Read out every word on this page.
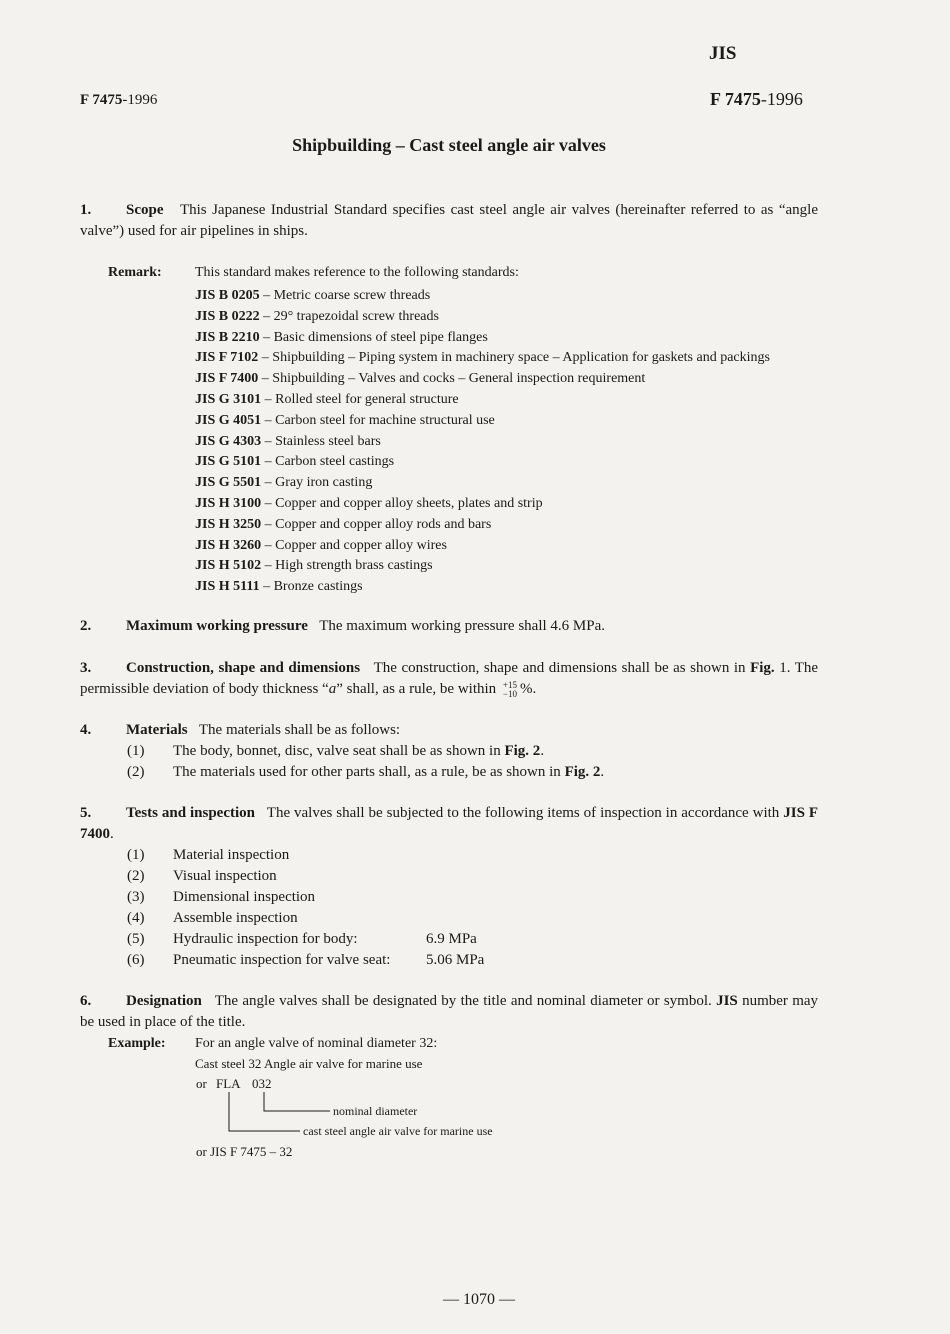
JIS
F 7475-1996	F 7475-1996
Shipbuilding – Cast steel angle air valves
1. Scope This Japanese Industrial Standard specifies cast steel angle air valves (hereinafter referred to as “angle valve”) used for air pipelines in ships.
Remark: This standard makes reference to the following standards:
JIS B 0205 – Metric coarse screw threads
JIS B 0222 – 29° trapezoidal screw threads
JIS B 2210 – Basic dimensions of steel pipe flanges
JIS F 7102 – Shipbuilding – Piping system in machinery space – Application for gaskets and packings
JIS F 7400 – Shipbuilding – Valves and cocks – General inspection requirement
JIS G 3101 – Rolled steel for general structure
JIS G 4051 – Carbon steel for machine structural use
JIS G 4303 – Stainless steel bars
JIS G 5101 – Carbon steel castings
JIS G 5501 – Gray iron casting
JIS H 3100 – Copper and copper alloy sheets, plates and strip
JIS H 3250 – Copper and copper alloy rods and bars
JIS H 3260 – Copper and copper alloy wires
JIS H 5102 – High strength brass castings
JIS H 5111 – Bronze castings
2. Maximum working pressure The maximum working pressure shall 4.6 MPa.
3. Construction, shape and dimensions The construction, shape and dimensions shall be as shown in Fig. 1. The permissible deviation of body thickness “a” shall, as a rule, be within +15
−10 %.
4. Materials The materials shall be as follows:
(1) The body, bonnet, disc, valve seat shall be as shown in Fig. 2.
(2) The materials used for other parts shall, as a rule, be as shown in Fig. 2.
5. Tests and inspection The valves shall be subjected to the following items of inspection in accordance with JIS F 7400.
(1) Material inspection
(2) Visual inspection
(3) Dimensional inspection
(4) Assemble inspection
(5) Hydraulic inspection for body:	6.9 MPa
(6) Pneumatic inspection for valve seat: 5.06 MPa
6. Designation The angle valves shall be designated by the title and nominal diameter or symbol. JIS number may be used in place of the title.
Example: For an angle valve of nominal diameter 32:
Cast steel 32 Angle air valve for marine use
or FLA 032
nominal diameter
cast steel angle air valve for marine use
or JIS F 7475 – 32
— 1070 —
